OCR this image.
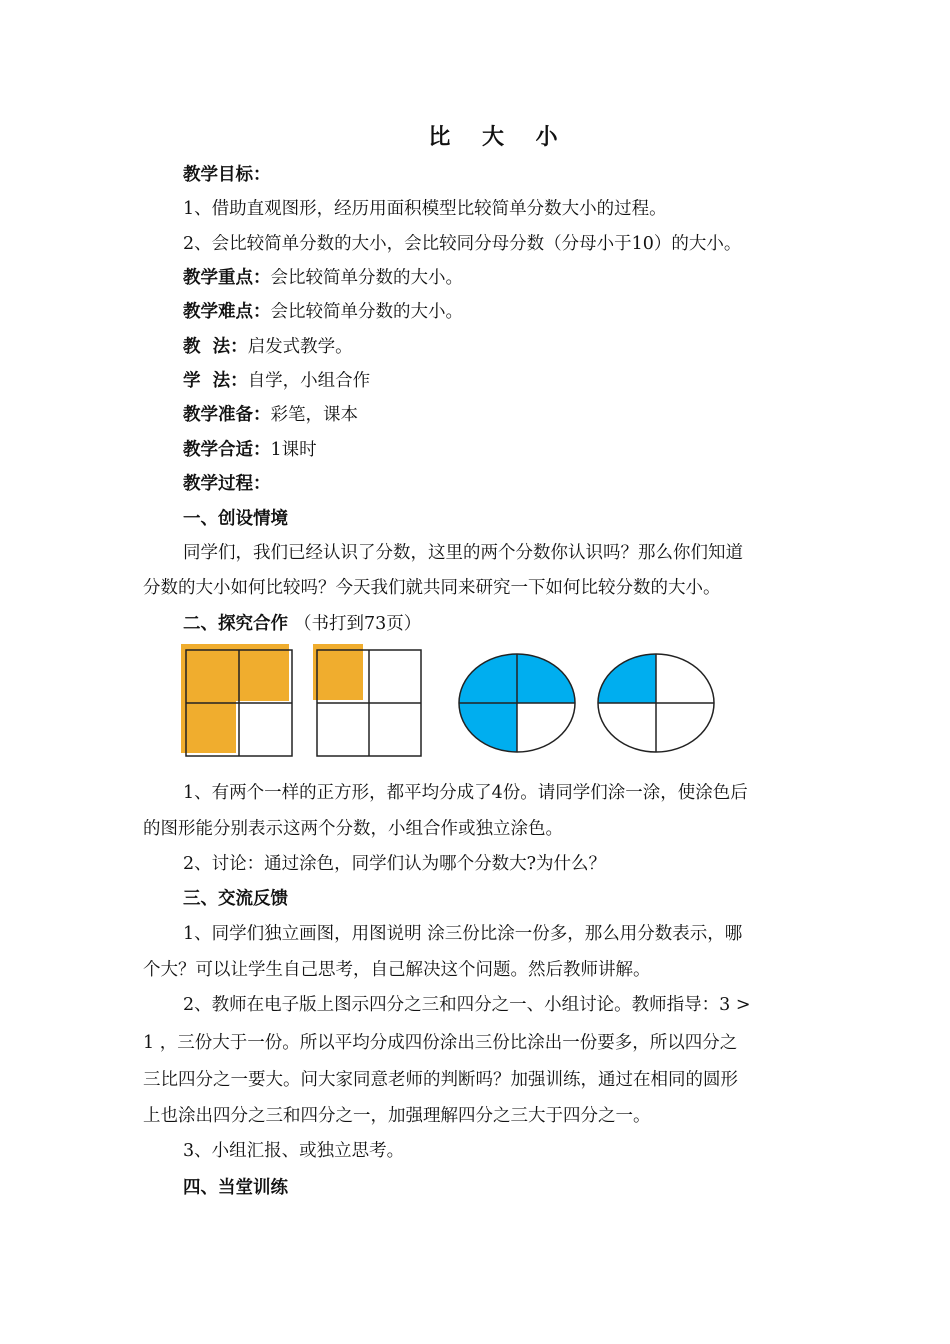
比 大 小
教学目标：
1、借助直观图形，经历用面积模型比较简单分数大小的过程。
2、会比较简单分数的大小，会比较同分母分数（分母小于10）的大小。
教学重点：会比较简单分数的大小。
教学难点：会比较简单分数的大小。
教  法：启发式教学。
学  法：自学，小组合作
教学准备：彩笔，课本
教学合适：1课时
教学过程：
一、创设情境
同学们，我们已经认识了分数，这里的两个分数你认识吗？那么你们知道
分数的大小如何比较吗？今天我们就共同来研究一下如何比较分数的大小。
二、探究合作 （书打到73页）
1、有两个一样的正方形，都平均分成了4份。请同学们涂一涂，使涂色后
的图形能分别表示这两个分数，小组合作或独立涂色。
2、讨论：通过涂色，同学们认为哪个分数大?为什么？
三、交流反馈
1、同学们独立画图，用图说明 涂三份比涂一份多，那么用分数表示，哪
个大？可以让学生自己思考，自己解决这个问题。然后教师讲解。
2、教师在电子版上图示四分之三和四分之一、小组讨论。教师指导：3 >
1 ，三份大于一份。所以平均分成四份涂出三份比涂出一份要多，所以四分之
三比四分之一要大。问大家同意老师的判断吗？加强训练，通过在相同的圆形
上也涂出四分之三和四分之一，加强理解四分之三大于四分之一。
3、小组汇报、或独立思考。
四、当堂训练
